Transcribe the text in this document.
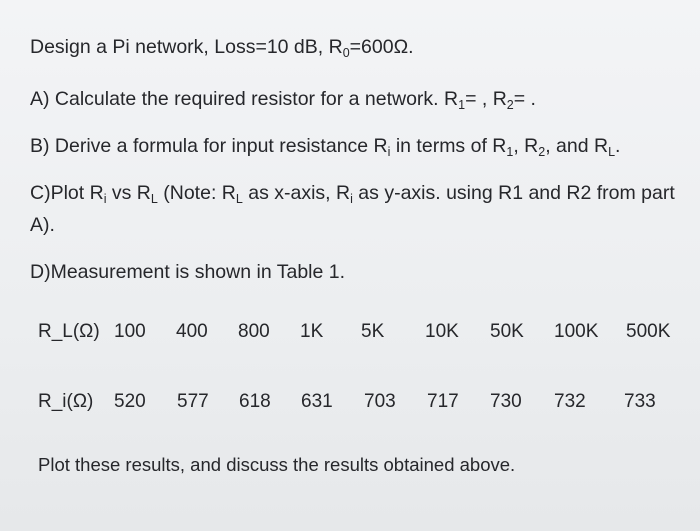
Design a Pi network, Loss=10 dB, $R_0=600\Omega$.
A) Calculate the required resistor for a network. $R_1=$ , $R_2=$ .
B) Derive a formula for input resistance $R_i$ in terms of $R_1$, $R_2$, and $R_L$.
C)Plot $R_i$ vs $R_L$ (Note: $R_L$ as x-axis, $R_i$ as y-axis. using R1 and R2 from part
A).
D)Measurement is shown in Table 1.
R_L(Ω) 100 400 800 1K 5K 10K 50K 100K 500K
R_i(Ω) 520 577 618 631 703 717 730 732 733
Plot these results, and discuss the results obtained above.
